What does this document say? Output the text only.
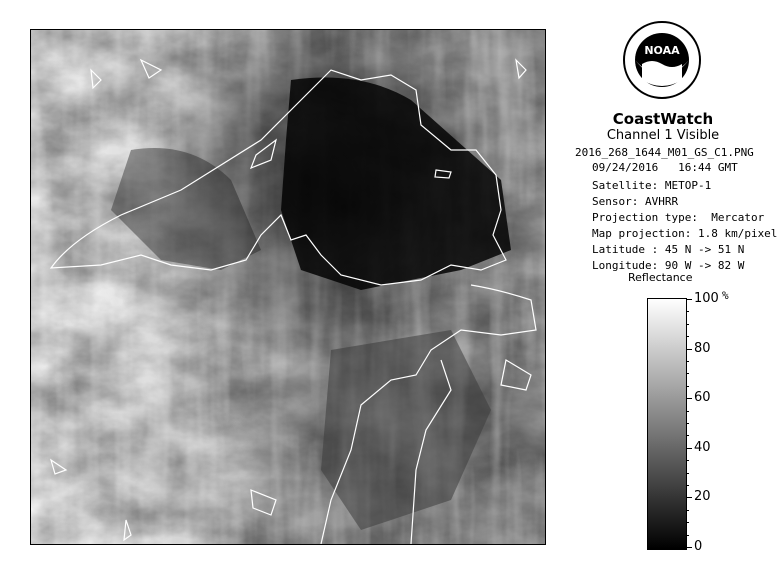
NOAA
CoastWatch
Channel 1 Visible
2016_268_1644_M01_GS_C1.PNG
09/24/2016   16:44 GMT
Satellite: METOP-1
Sensor: AVHRR
Projection type:  Mercator
Map projection: 1.8 km/pixel
Latitude : 45 N -> 51 N
Longitude: 90 W -> 82 W
Reflectance
%
100
80
60
40
20
0
